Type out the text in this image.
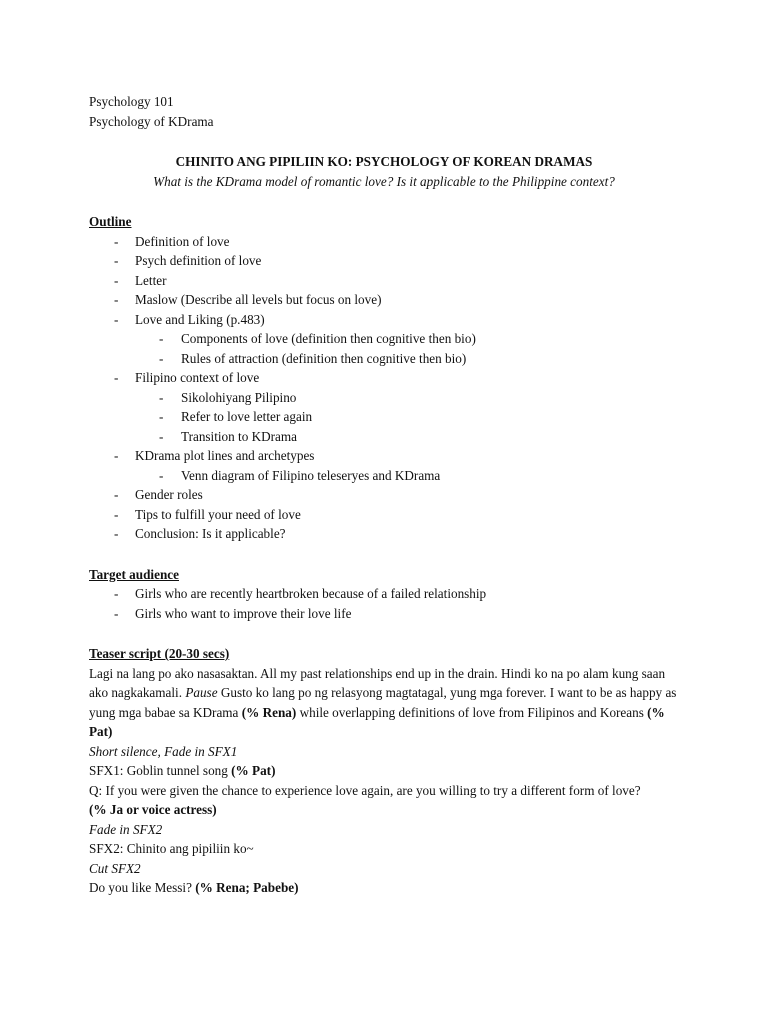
Psychology 101
Psychology of KDrama
CHINITO ANG PIPILIIN KO: PSYCHOLOGY OF KOREAN DRAMAS
What is the KDrama model of romantic love? Is it applicable to the Philippine context?
Outline
- Definition of love
- Psych definition of love
- Letter
- Maslow (Describe all levels but focus on love)
- Love and Liking (p.483)
- Components of love (definition then cognitive then bio)
- Rules of attraction (definition then cognitive then bio)
- Filipino context of love
- Sikolohiyang Pilipino
- Refer to love letter again
- Transition to KDrama
- KDrama plot lines and archetypes
- Venn diagram of Filipino teleseryes and KDrama
- Gender roles
- Tips to fulfill your need of love
- Conclusion: Is it applicable?
Target audience
- Girls who are recently heartbroken because of a failed relationship
- Girls who want to improve their love life
Teaser script (20-30 secs)
Lagi na lang po ako nasasaktan. All my past relationships end up in the drain. Hindi ko na po alam kung saan ako nagkakamali. Pause Gusto ko lang po ng relasyong magtatagal, yung mga forever. I want to be as happy as yung mga babae sa KDrama (% Rena) while overlapping definitions of love from Filipinos and Koreans (% Pat)
Short silence, Fade in SFX1
SFX1: Goblin tunnel song (% Pat)
Q: If you were given the chance to experience love again, are you willing to try a different form of love?
(% Ja or voice actress)
Fade in SFX2
SFX2: Chinito ang pipiliin ko~
Cut SFX2
Do you like Messi? (% Rena; Pabebe)
